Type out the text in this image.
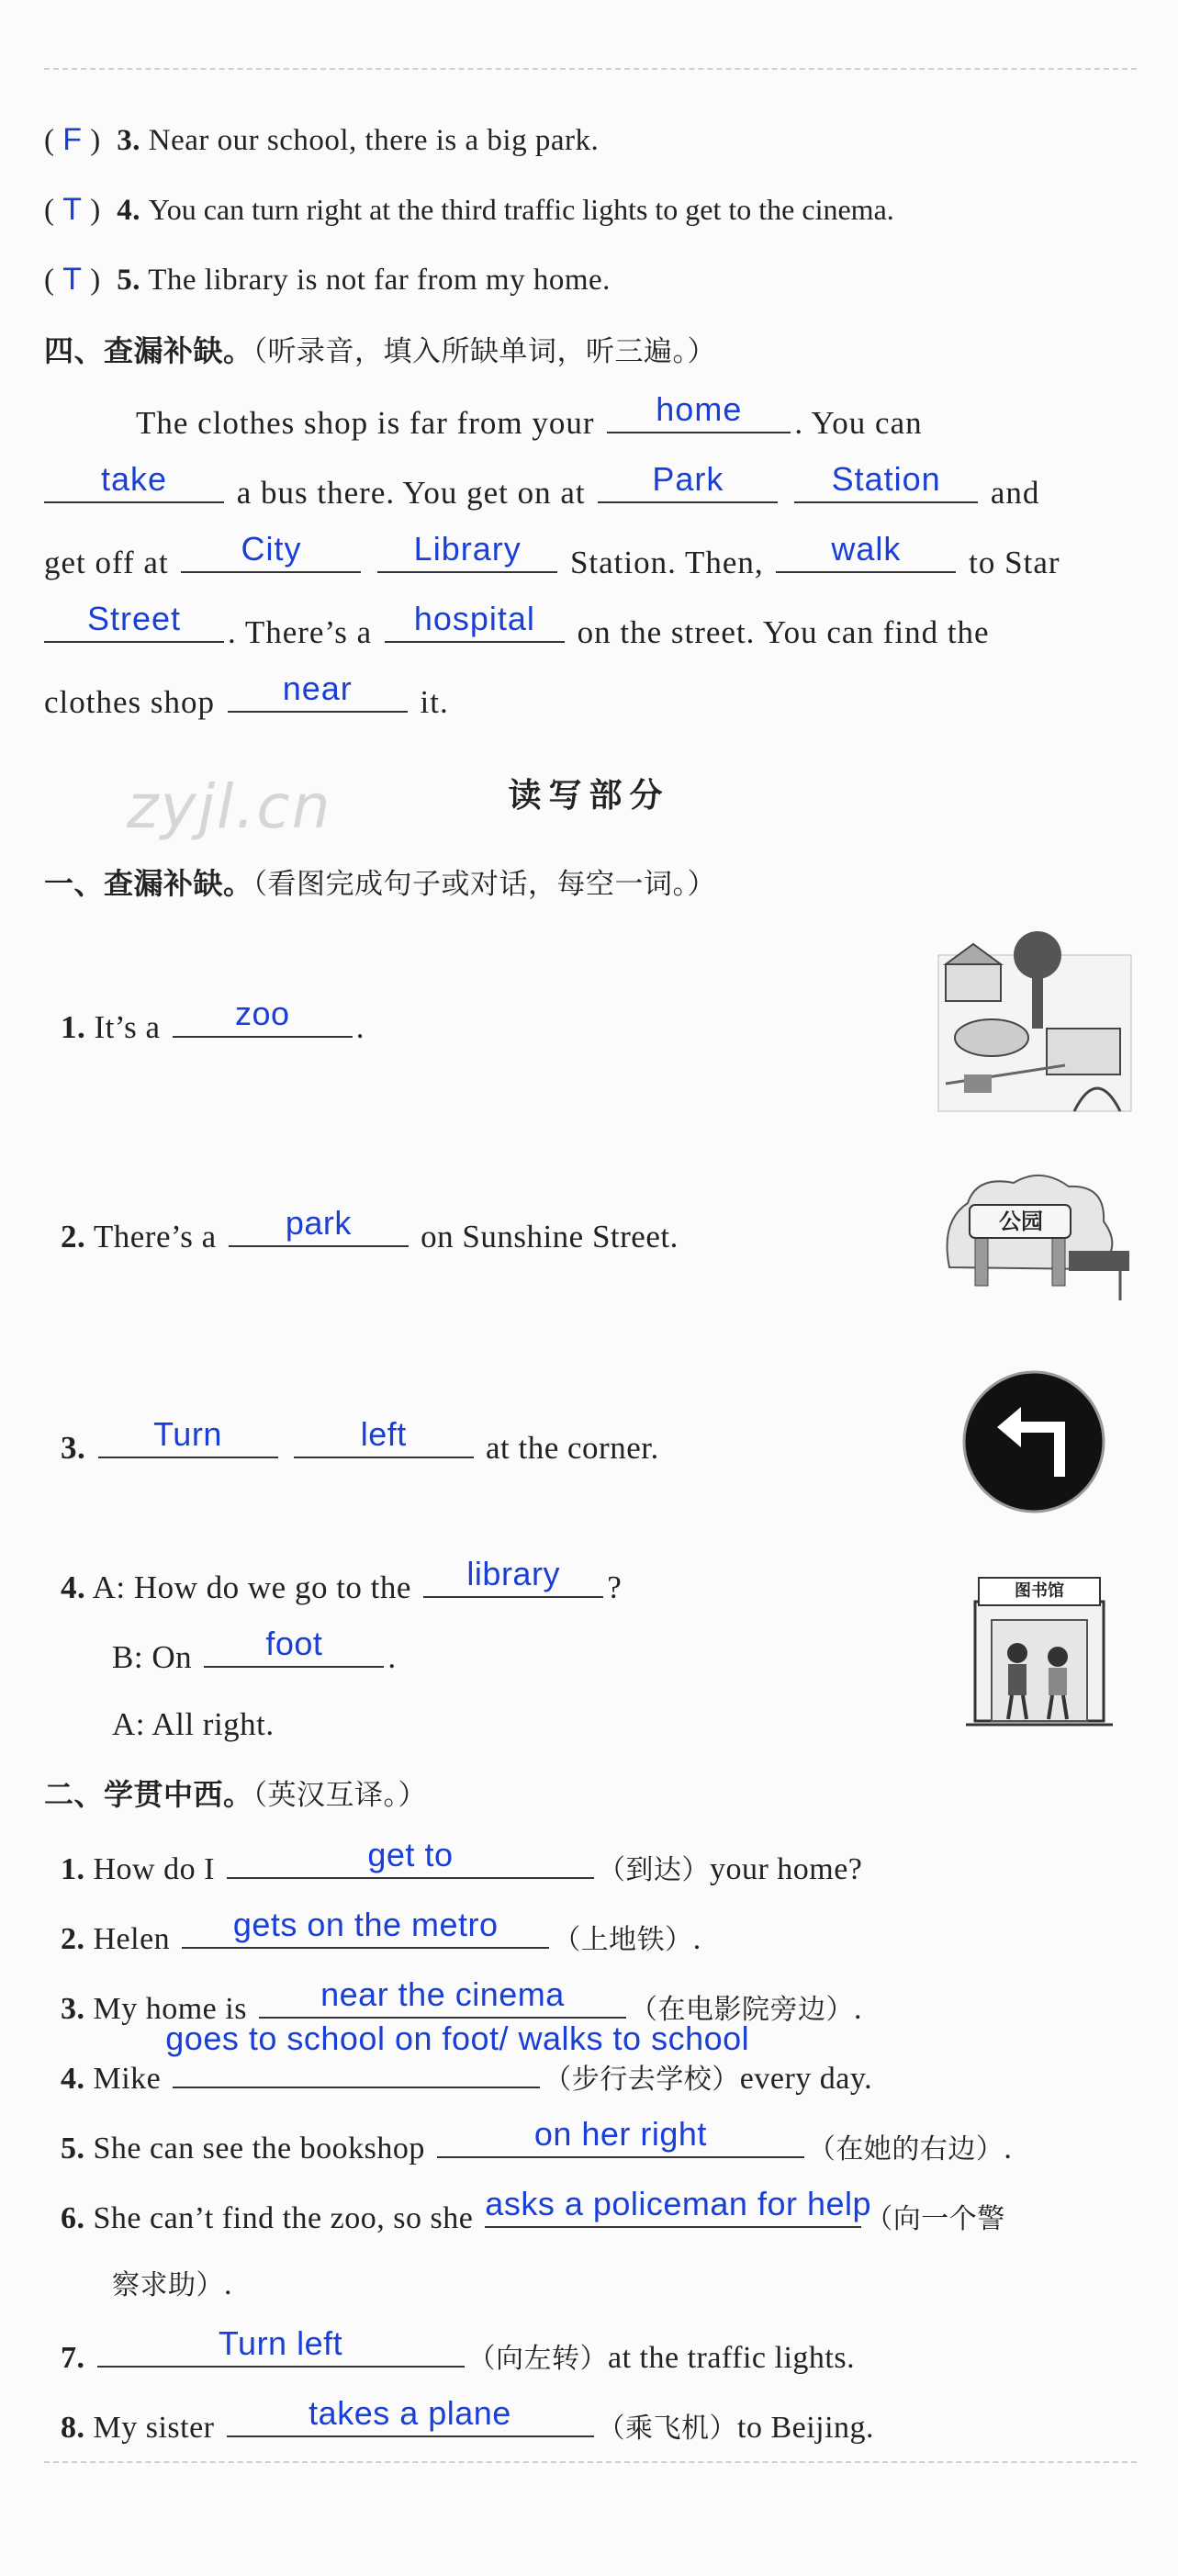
( F )  3. Near our school, there is a big park.
( T )  4. You can turn right at the third traffic lights to get to the cinema.
( T )  5. The library is not far from my home.
四、查漏补缺。（听录音，填入所缺单词，听三遍。）
The clothes shop is far from your	home	. You can
take	a bus there. You get on at	Park
	Station	and
get off at	City
	Library	Station. Then,	walk	to Star
Street	. There’s a	hospital	on the street. You can find the
clothes shop	near	it.
zyjl.cn	读写部分
一、查漏补缺。（看图完成句子或对话，每空一词。）
1. It’s a	zoo	.
2. There’s a	park	on Sunshine Street.	公园
3.	Turn
	left	at the corner.
4. A: How do we go to the	library	?
B: On	foot	.
A: All right.
图书馆
二、学贯中西。（英汉互译。）
1. How do I	get to	（到达）your home?
2. Helen	gets on the metro	（上地铁）.
3. My home is	near the cinema	（在电影院旁边）.
4. Mike
goes to school on foot/ walks to school
（步行去学校）every day.
5. She can see the bookshop	on her right	（在她的右边）.
6. She can’t find the zoo, so she asks a policeman for help
（向一个警
察求助）.
7.	Turn left	（向左转）at the traffic lights.
8. My sister	takes a plane	（乘飞机）to Beijing.
